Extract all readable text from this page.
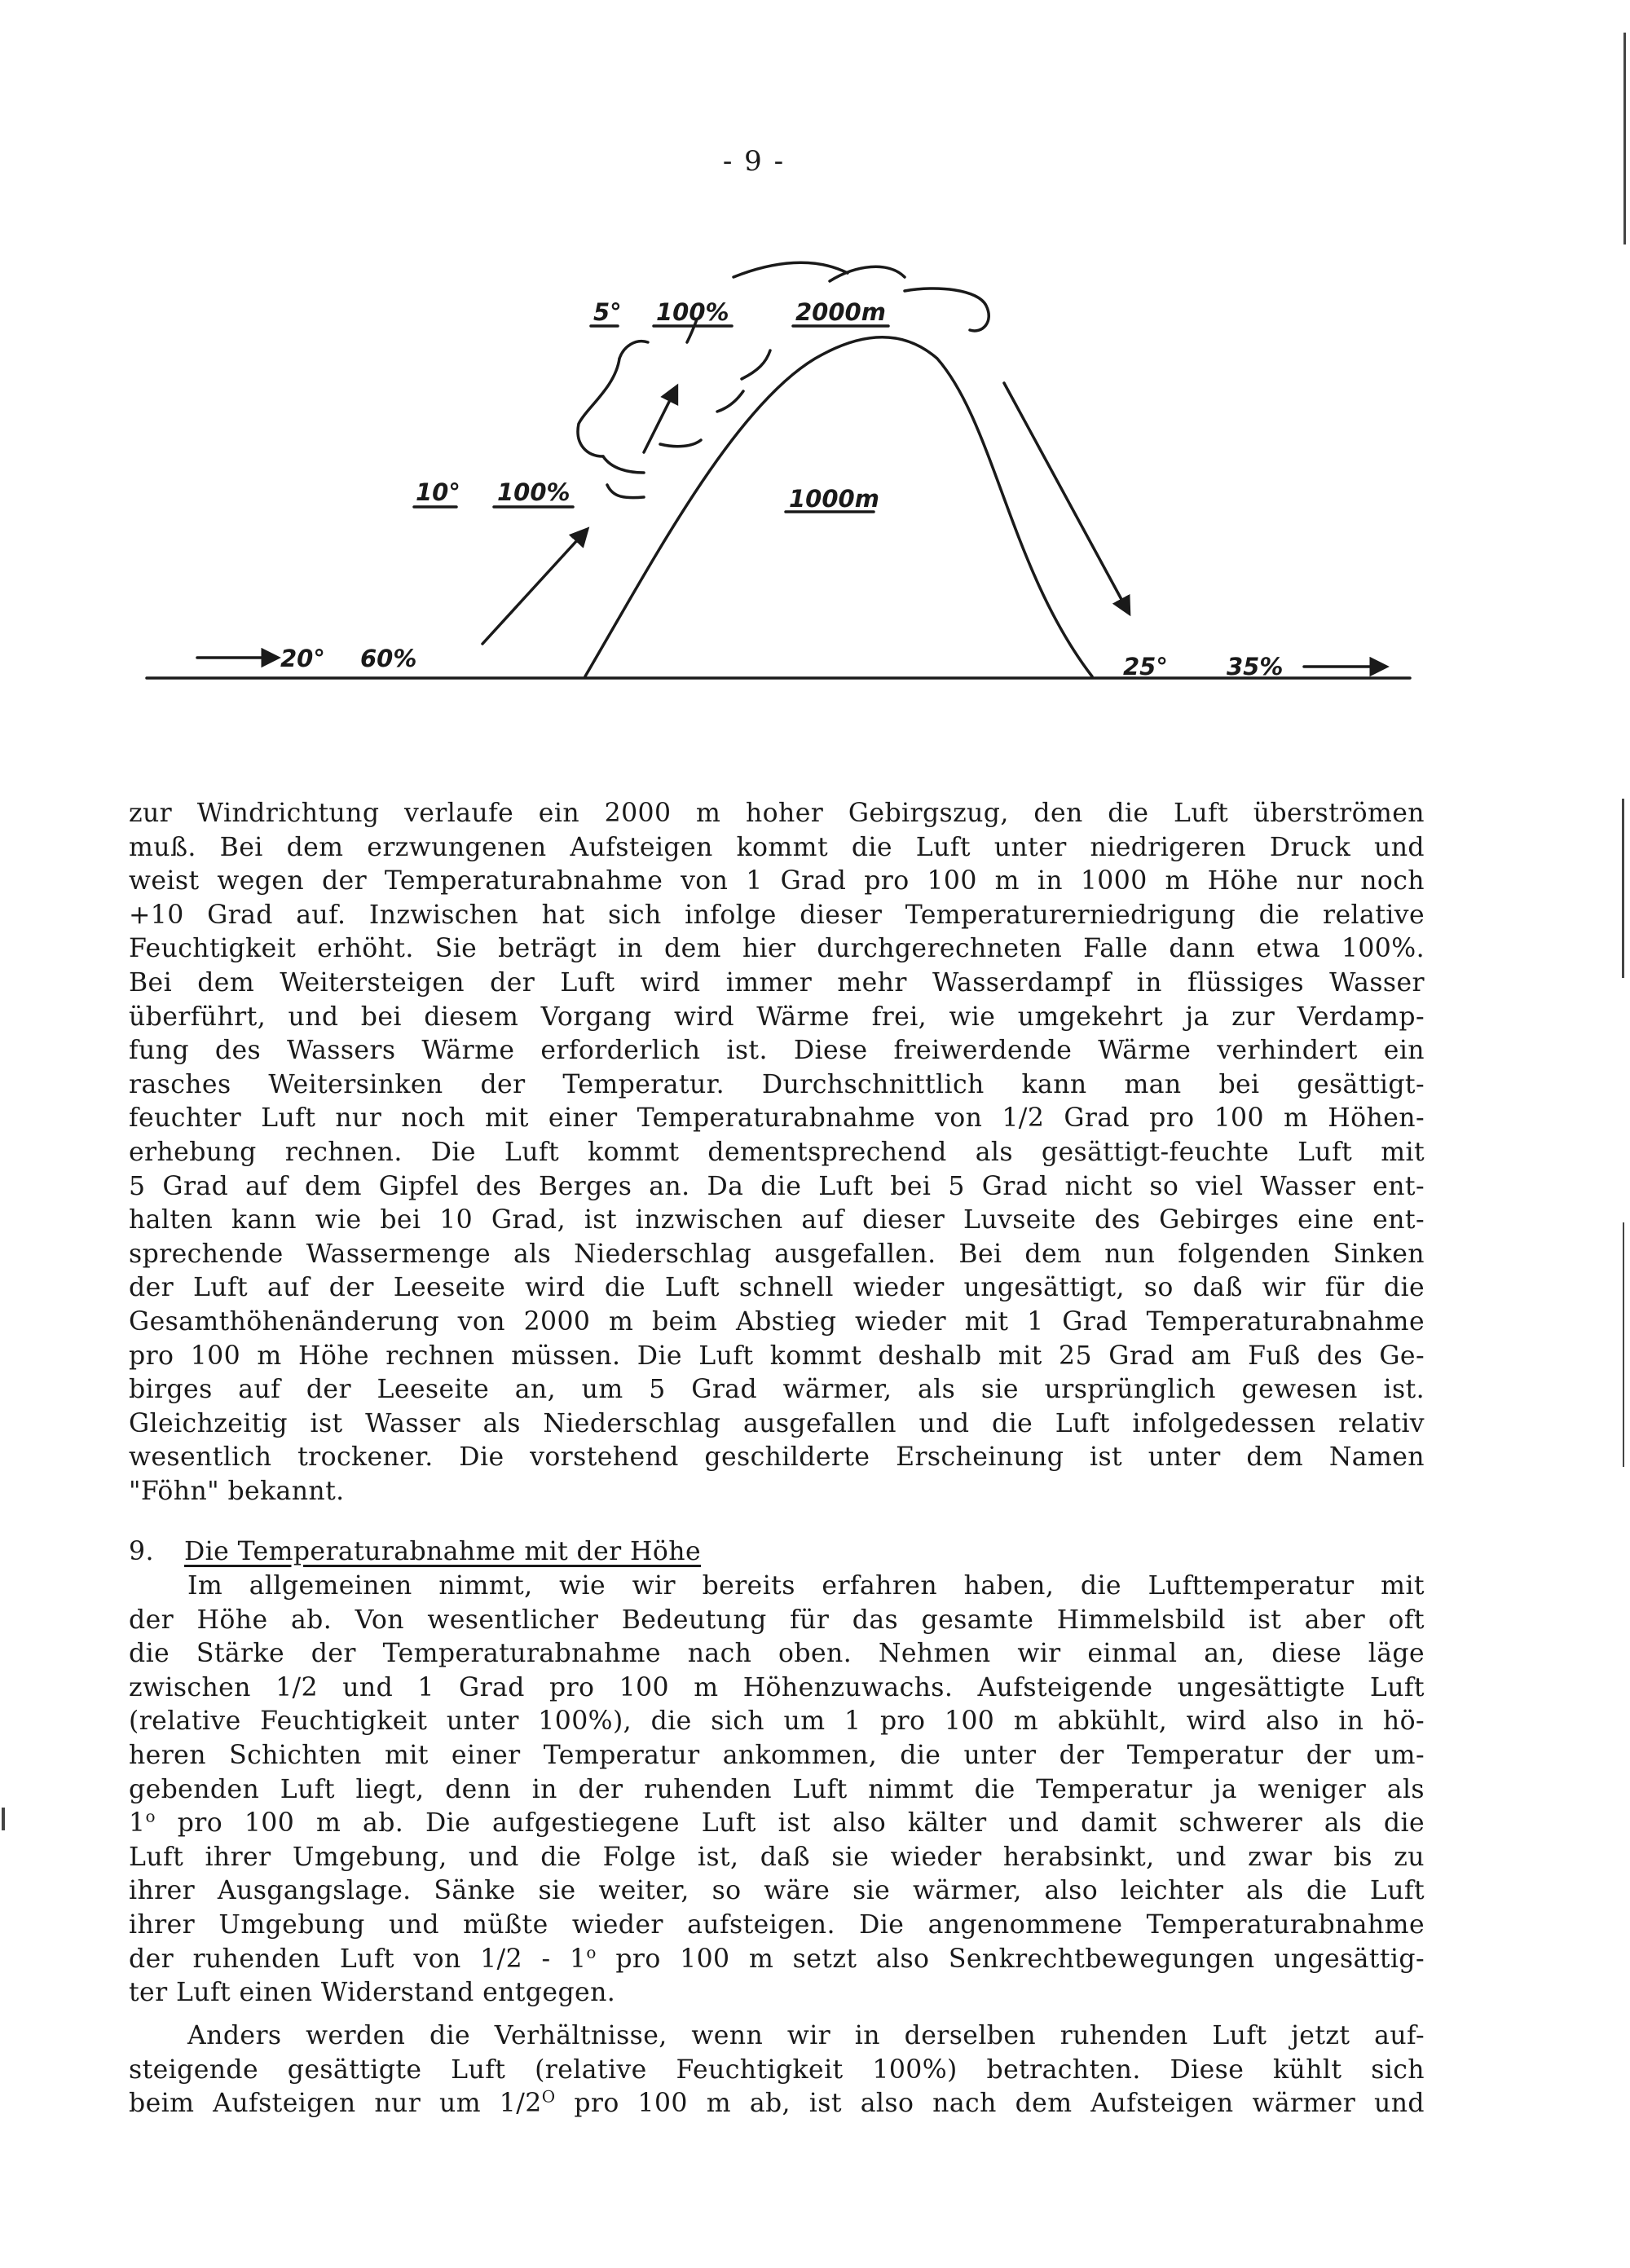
- 9 -
5° 100%	2000m
10° 100%	1000m
20° 60%	25° 35%
zur Windrichtung verlaufe ein 2000 m hoher Gebirgszug, den die Luft überströmen
muß. Bei dem erzwungenen Aufsteigen kommt die Luft unter niedrigeren Druck und
weist wegen der Temperaturabnahme von 1 Grad pro 100 m in 1000 m Höhe nur noch
+10 Grad auf. Inzwischen hat sich infolge dieser Temperaturerniedrigung die relative
Feuchtigkeit erhöht. Sie beträgt in dem hier durchgerechneten Falle dann etwa 100%.
Bei dem Weitersteigen der Luft wird immer mehr Wasserdampf in flüssiges Wasser
überführt, und bei diesem Vorgang wird Wärme frei, wie umgekehrt ja zur Verdamp-
fung des Wassers Wärme erforderlich ist. Diese freiwerdende Wärme verhindert ein
rasches Weitersinken der Temperatur. Durchschnittlich kann man bei gesättigt-
feuchter Luft nur noch mit einer Temperaturabnahme von 1/2 Grad pro 100 m Höhen-
erhebung rechnen. Die Luft kommt dementsprechend als gesättigt-feuchte Luft mit
5 Grad auf dem Gipfel des Berges an. Da die Luft bei 5 Grad nicht so viel Wasser ent-
halten kann wie bei 10 Grad, ist inzwischen auf dieser Luvseite des Gebirges eine ent-
sprechende Wassermenge als Niederschlag ausgefallen. Bei dem nun folgenden Sinken
der Luft auf der Leeseite wird die Luft schnell wieder ungesättigt, so daß wir für die
Gesamthöhenänderung von 2000 m beim Abstieg wieder mit 1 Grad Temperaturabnahme
pro 100 m Höhe rechnen müssen. Die Luft kommt deshalb mit 25 Grad am Fuß des Ge-
birges auf der Leeseite an, um 5 Grad wärmer, als sie ursprünglich gewesen ist.
Gleichzeitig ist Wasser als Niederschlag ausgefallen und die Luft infolgedessen relativ
wesentlich trockener. Die vorstehend geschilderte Erscheinung ist unter dem Namen
"Föhn" bekannt.
9. Die Temperaturabnahme mit der Höhe
Im allgemeinen nimmt, wie wir bereits erfahren haben, die Lufttemperatur mit
der Höhe ab. Von wesentlicher Bedeutung für das gesamte Himmelsbild ist aber oft
die Stärke der Temperaturabnahme nach oben. Nehmen wir einmal an, diese läge
zwischen 1/2 und 1 Grad pro 100 m Höhenzuwachs. Aufsteigende ungesättigte Luft
(relative Feuchtigkeit unter 100%), die sich um 1 pro 100 m abkühlt, wird also in hö-
heren Schichten mit einer Temperatur ankommen, die unter der Temperatur der um-
gebenden Luft liegt, denn in der ruhenden Luft nimmt die Temperatur ja weniger als
1$^o$ pro 100 m ab. Die aufgestiegene Luft ist also kälter und damit schwerer als die
Luft ihrer Umgebung, und die Folge ist, daß sie wieder herabsinkt, und zwar bis zu
ihrer Ausgangslage. Sänke sie weiter, so wäre sie wärmer, also leichter als die Luft
ihrer Umgebung und müßte wieder aufsteigen. Die angenommene Temperaturabnahme
der ruhenden Luft von 1/2 - 1$^o$ pro 100 m setzt also Senkrechtbewegungen ungesättig-
ter Luft einen Widerstand entgegen.
Anders werden die Verhältnisse, wenn wir in derselben ruhenden Luft jetzt auf-
steigende gesättigte Luft (relative Feuchtigkeit 100%) betrachten. Diese kühlt sich
beim Aufsteigen nur um $1/2^O$ pro 100 m ab, ist also nach dem Aufsteigen wärmer und
